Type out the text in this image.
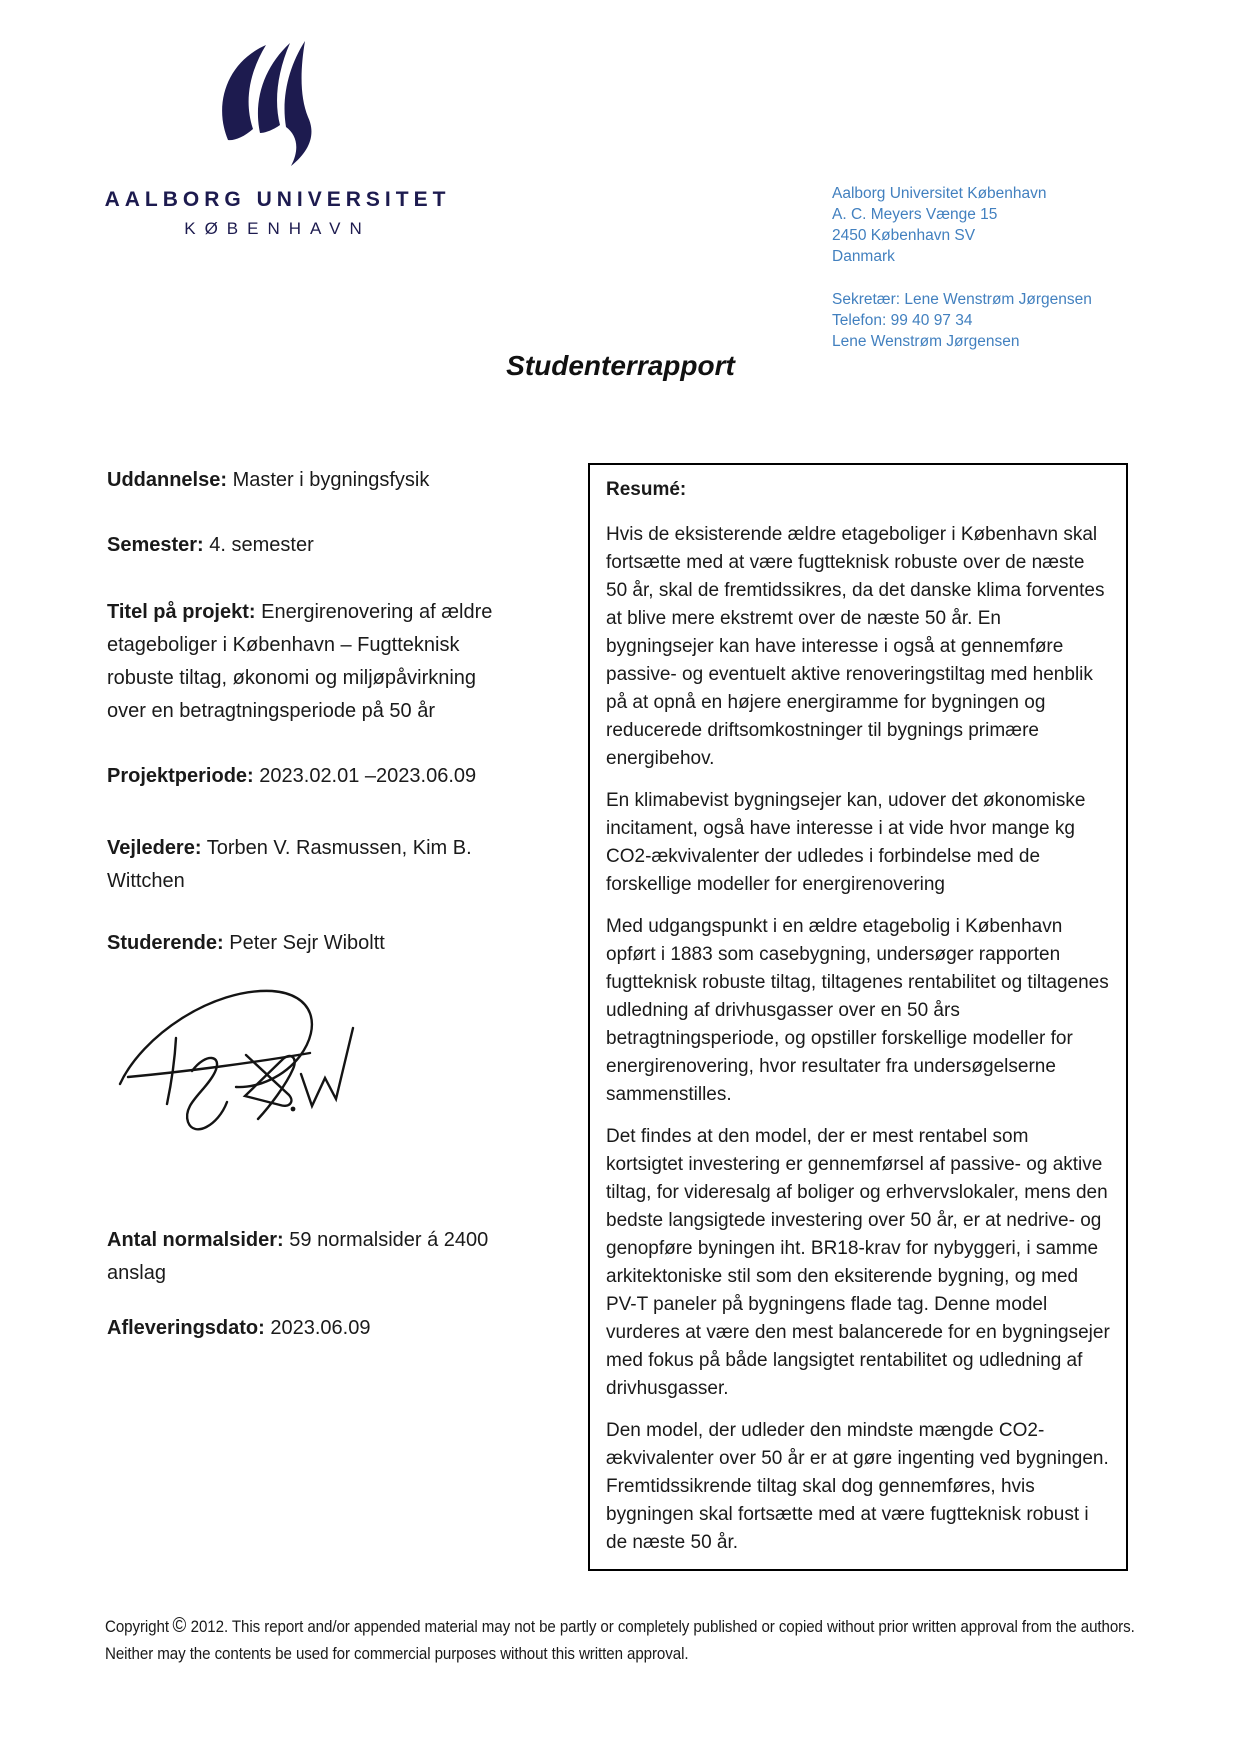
AALBORG UNIVERSITET
KØBENHAVN
Aalborg Universitet København
A. C. Meyers Vænge 15
2450 København SV
Danmark
Sekretær: Lene Wenstrøm Jørgensen
Telefon: 99 40 97 34
Lene Wenstrøm Jørgensen
Studenterrapport
Uddannelse: Master i bygningsfysik
Semester: 4. semester
Titel på projekt: Energirenovering af ældre etageboliger i København – Fugtteknisk robuste tiltag, økonomi og miljøpåvirkning over en betragtningsperiode på 50 år
Projektperiode: 2023.02.01 –2023.06.09
Vejledere: Torben V. Rasmussen, Kim B. Wittchen
Studerende: Peter Sejr Wiboltt
Antal normalsider: 59 normalsider á 2400 anslag
Afleveringsdato: 2023.06.09
Resumé:

Hvis de eksisterende ældre etageboliger i København skal fortsætte med at være fugtteknisk robuste over de næste 50 år, skal de fremtidssikres, da det danske klima forventes at blive mere ekstremt over de næste 50 år. En bygningsejer kan have interesse i også at gennemføre passive- og eventuelt aktive renoveringstiltag med henblik på at opnå en højere energiramme for bygningen og reducerede driftsomkostninger til bygnings primære energibehov.

En klimabevist bygningsejer kan, udover det økonomiske incitament, også have interesse i at vide hvor mange kg CO2-ækvivalenter der udledes i forbindelse med de forskellige modeller for energirenovering

Med udgangspunkt i en ældre etagebolig i København opført i 1883 som casebygning, undersøger rapporten fugtteknisk robuste tiltag, tiltagenes rentabilitet og tiltagenes udledning af drivhusgasser over en 50 års betragtningsperiode, og opstiller forskellige modeller for energirenovering, hvor resultater fra undersøgelserne sammenstilles.

Det findes at den model, der er mest rentabel som kortsigtet investering er gennemførsel af passive- og aktive tiltag, for videresalg af boliger og erhvervslokaler, mens den bedste langsigtede investering over 50 år, er at nedrive- og genopføre byningen iht. BR18-krav for nybyggeri, i samme arkitektoniske stil som den eksiterende bygning, og med PV-T paneler på bygningens flade tag. Denne model vurderes at være den mest balancerede for en bygningsejer med fokus på både langsigtet rentabilitet og udledning af drivhusgasser.

Den model, der udleder den mindste mængde CO2-ækvivalenter over 50 år er at gøre ingenting ved bygningen. Fremtidssikrende tiltag skal dog gennemføres, hvis bygningen skal fortsætte med at være fugtteknisk robust i de næste 50 år.

Copyright © 2012. This report and/or appended material may not be partly or completely published or copied without prior written approval from the authors. Neither may the contents be used for commercial purposes without this written approval.
